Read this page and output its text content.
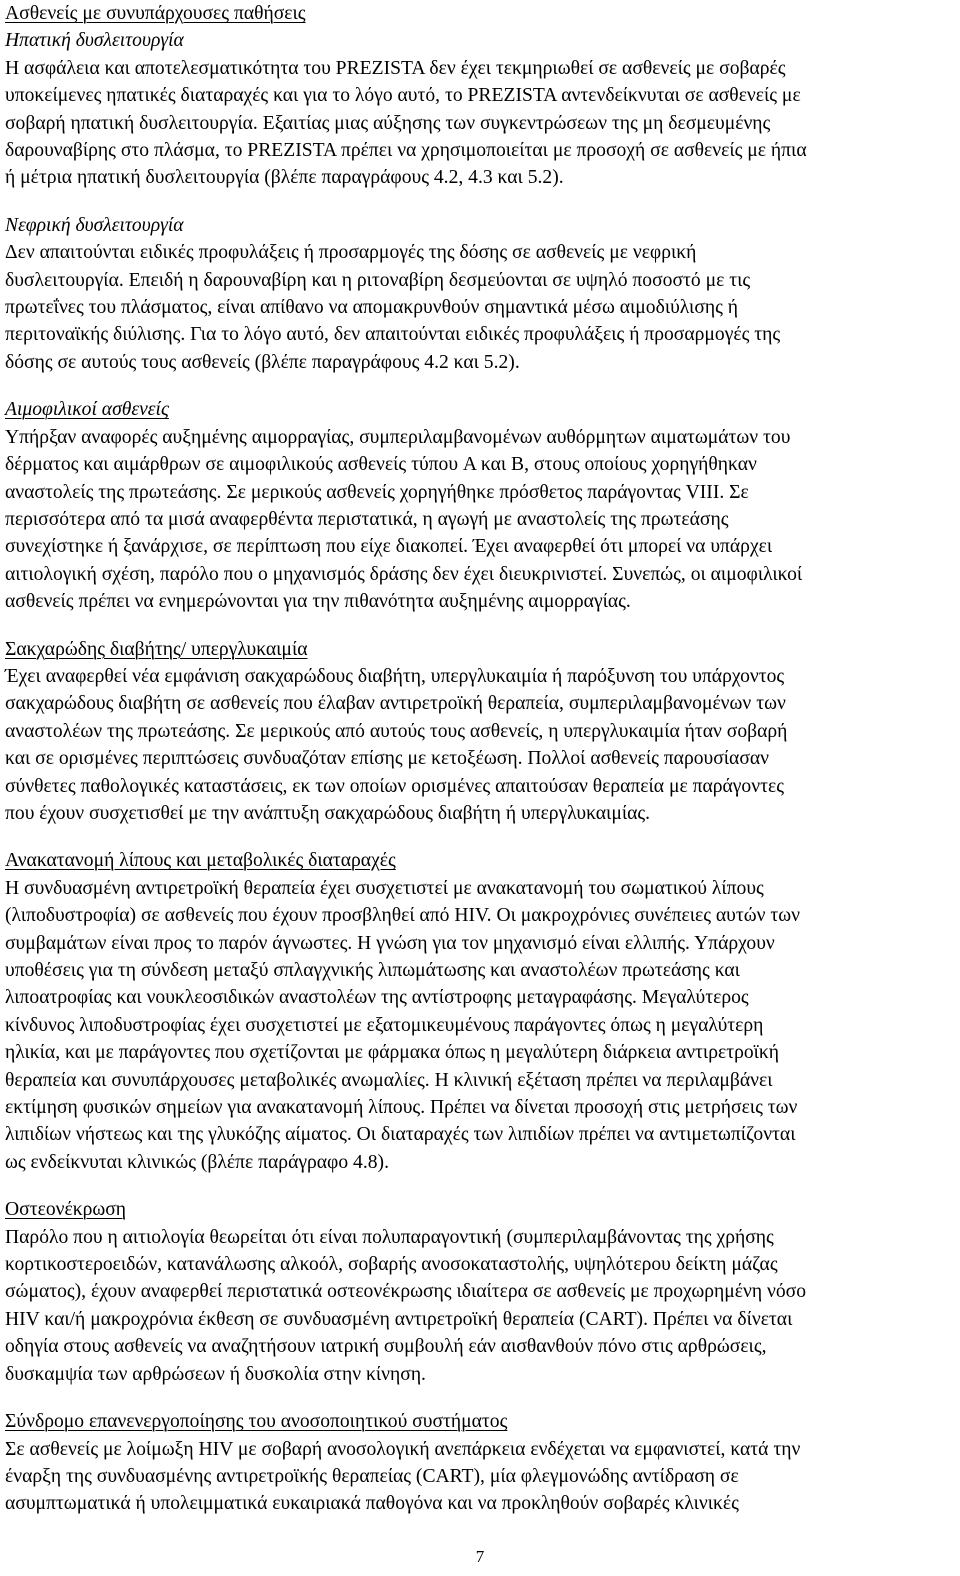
Ασθενείς με συνυπάρχουσες παθήσεις

Ηπατική δυσλειτουργία

Η ασφάλεια και αποτελεσματικότητα του PREZISTA δεν έχει τεκμηριωθεί σε ασθενείς με σοβαρές

υποκείμενες ηπατικές διαταραχές και για το λόγο αυτό, το PREZISTA αντενδείκνυται σε ασθενείς με

σοβαρή ηπατική δυσλειτουργία. Εξαιτίας μιας αύξησης των συγκεντρώσεων της μη δεσμευμένης

δαρουναβίρης στο πλάσμα, το PREZISTA πρέπει να χρησιμοποιείται με προσοχή σε ασθενείς με ήπια

ή μέτρια ηπατική δυσλειτουργία (βλέπε παραγράφους 4.2, 4.3 και 5.2).

Νεφρική δυσλειτουργία

Δεν απαιτούνται ειδικές προφυλάξεις ή προσαρμογές της δόσης σε ασθενείς με νεφρική

δυσλειτουργία. Επειδή η δαρουναβίρη και η ριτοναβίρη δεσμεύονται σε υψηλό ποσοστό με τις

πρωτεΐνες του πλάσματος, είναι απίθανο να απομακρυνθούν σημαντικά μέσω αιμοδιύλισης ή

περιτοναϊκής διύλισης. Για το λόγο αυτό, δεν απαιτούνται ειδικές προφυλάξεις ή προσαρμογές της

δόσης σε αυτούς τους ασθενείς (βλέπε παραγράφους 4.2 και 5.2).

Αιμοφιλικοί ασθενείς

Υπήρξαν αναφορές αυξημένης αιμορραγίας, συμπεριλαμβανομένων αυθόρμητων αιματωμάτων του

δέρματος και αιμάρθρων σε αιμοφιλικούς ασθενείς τύπου A και B, στους οποίους χορηγήθηκαν

αναστολείς της πρωτεάσης. Σε μερικούς ασθενείς χορηγήθηκε πρόσθετος παράγοντας VIII. Σε

περισσότερα από τα μισά αναφερθέντα περιστατικά, η αγωγή με αναστολείς της πρωτεάσης

συνεχίστηκε ή ξανάρχισε, σε περίπτωση που είχε διακοπεί. Έχει αναφερθεί ότι μπορεί να υπάρχει

αιτιολογική σχέση, παρόλο που ο μηχανισμός δράσης δεν έχει διευκρινιστεί. Συνεπώς, οι αιμοφιλικοί

ασθενείς πρέπει να ενημερώνονται για την πιθανότητα αυξημένης αιμορραγίας.

Σακχαρώδης διαβήτης/ υπεργλυκαιμία

Έχει αναφερθεί νέα εμφάνιση σακχαρώδους διαβήτη, υπεργλυκαιμία ή παρόξυνση του υπάρχοντος

σακχαρώδους διαβήτη σε ασθενείς που έλαβαν αντιρετροϊκή θεραπεία, συμπεριλαμβανομένων των

αναστολέων της πρωτεάσης. Σε μερικούς από αυτούς τους ασθενείς, η υπεργλυκαιμία ήταν σοβαρή

και σε ορισμένες περιπτώσεις συνδυαζόταν επίσης με κετοξέωση. Πολλοί ασθενείς παρουσίασαν

σύνθετες παθολογικές καταστάσεις, εκ των οποίων ορισμένες απαιτούσαν θεραπεία με παράγοντες

που έχουν συσχετισθεί με την ανάπτυξη σακχαρώδους διαβήτη ή υπεργλυκαιμίας.

Ανακατανομή λίπους και μεταβολικές διαταραχές

Η συνδυασμένη αντιρετροϊκή θεραπεία έχει συσχετιστεί με ανακατανομή του σωματικού λίπους

(λιποδυστροφία) σε ασθενείς που έχουν προσβληθεί από HIV. Οι μακροχρόνιες συνέπειες αυτών των

συμβαμάτων είναι προς το παρόν άγνωστες. Η γνώση για τον μηχανισμό είναι ελλιπής. Υπάρχουν

υποθέσεις για τη σύνδεση μεταξύ σπλαγχνικής λιπωμάτωσης και αναστολέων πρωτεάσης και

λιποατροφίας και νουκλεοσιδικών αναστολέων της αντίστροφης μεταγραφάσης. Μεγαλύτερος

κίνδυνος λιποδυστροφίας έχει συσχετιστεί με εξατομικευμένους παράγοντες όπως η μεγαλύτερη

ηλικία, και με παράγοντες που σχετίζονται με φάρμακα όπως η μεγαλύτερη διάρκεια αντιρετροϊκή

θεραπεία και συνυπάρχουσες μεταβολικές ανωμαλίες. Η κλινική εξέταση πρέπει να περιλαμβάνει

εκτίμηση φυσικών σημείων για ανακατανομή λίπους. Πρέπει να δίνεται προσοχή στις μετρήσεις των

λιπιδίων νήστεως και της γλυκόζης αίματος. Οι διαταραχές των λιπιδίων πρέπει να αντιμετωπίζονται

ως ενδείκνυται κλινικώς (βλέπε παράγραφο 4.8).

Οστεονέκρωση

Παρόλο που η αιτιολογία θεωρείται ότι είναι πολυπαραγοντική (συμπεριλαμβάνοντας της χρήσης

κορτικοστεροειδών, κατανάλωσης αλκοόλ, σοβαρής ανοσοκαταστολής, υψηλότερου δείκτη μάζας

σώματος), έχουν αναφερθεί περιστατικά οστεονέκρωσης ιδιαίτερα σε ασθενείς με προχωρημένη νόσο

HIV και/ή μακροχρόνια έκθεση σε συνδυασμένη αντιρετροϊκή θεραπεία (CART). Πρέπει να δίνεται

οδηγία στους ασθενείς να αναζητήσουν ιατρική συμβουλή εάν αισθανθούν πόνο στις αρθρώσεις,

δυσκαμψία των αρθρώσεων ή δυσκολία στην κίνηση.

Σύνδρομο επανενεργοποίησης του ανοσοποιητικού συστήματος

Σε ασθενείς με λοίμωξη HIV με σοβαρή ανοσολογική ανεπάρκεια ενδέχεται να εμφανιστεί, κατά την

έναρξη της συνδυασμένης αντιρετροϊκής θεραπείας (CART), μία φλεγμονώδης αντίδραση σε

ασυμπτωματικά ή υπολειμματικά ευκαιριακά παθογόνα και να προκληθούν σοβαρές κλινικές

7
